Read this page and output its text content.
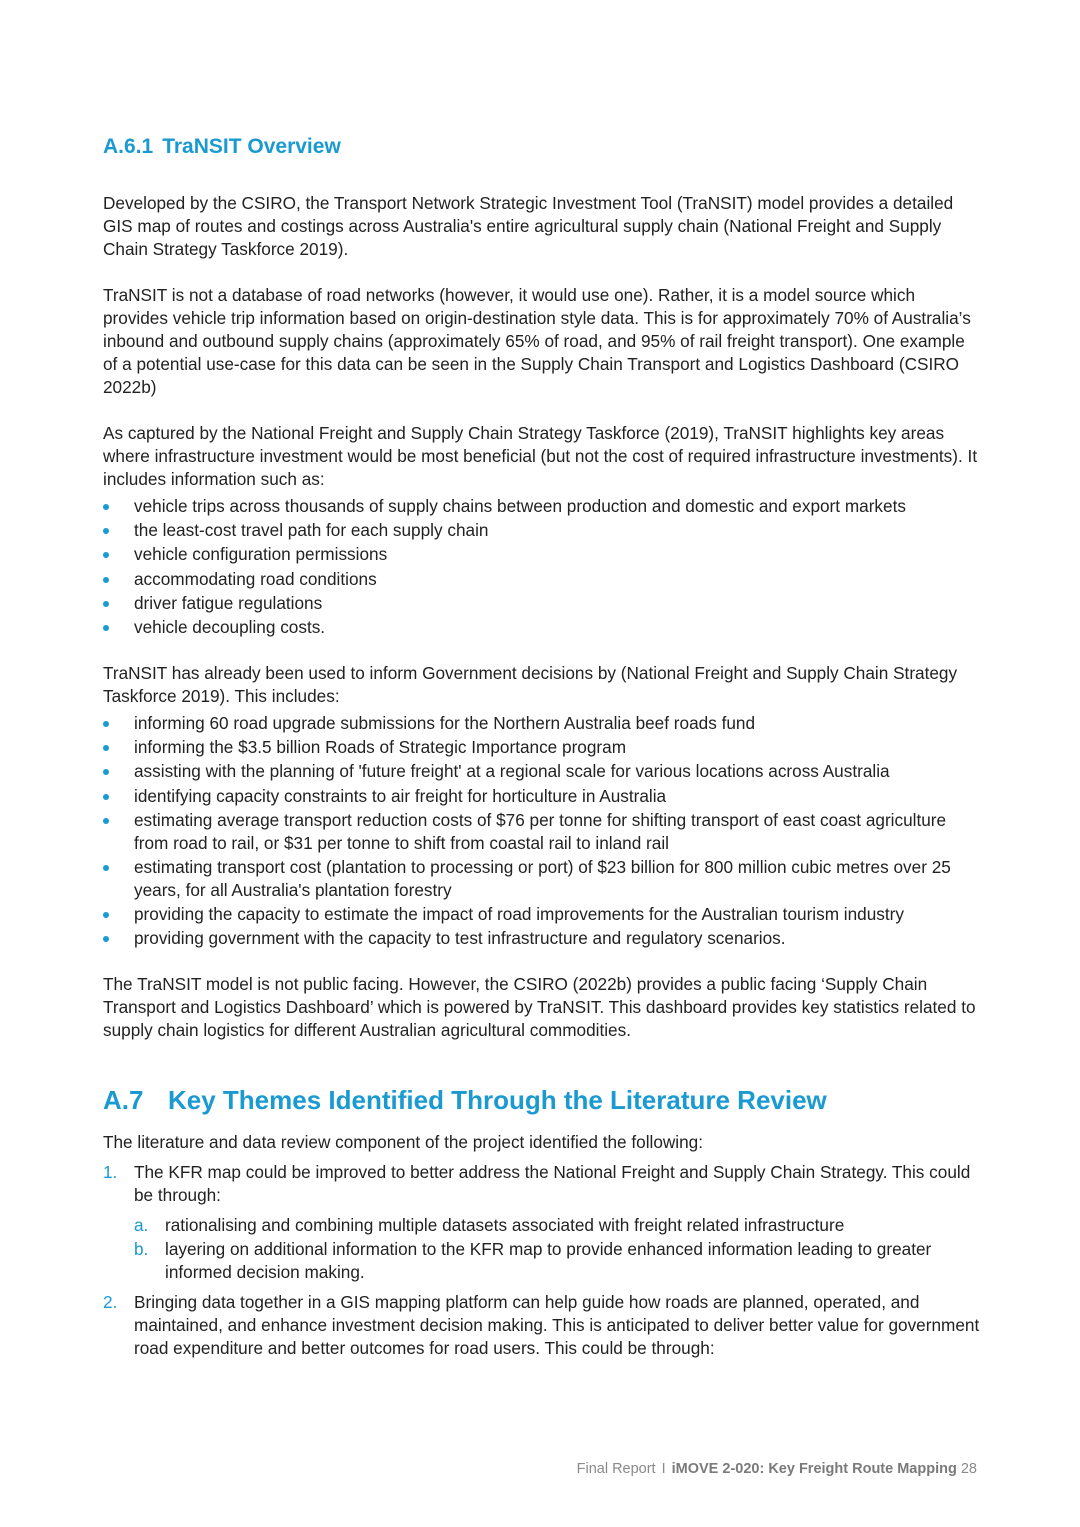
A.6.1 TraNSIT Overview

Developed by the CSIRO, the Transport Network Strategic Investment Tool (TraNSIT) model provides a detailed GIS map of routes and costings across Australia's entire agricultural supply chain (National Freight and Supply Chain Strategy Taskforce 2019).

TraNSIT is not a database of road networks (however, it would use one). Rather, it is a model source which provides vehicle trip information based on origin-destination style data. This is for approximately 70% of Australia’s inbound and outbound supply chains (approximately 65% of road, and 95% of rail freight transport). One example of a potential use-case for this data can be seen in the Supply Chain Transport and Logistics Dashboard (CSIRO 2022b)

As captured by the National Freight and Supply Chain Strategy Taskforce (2019), TraNSIT highlights key areas where infrastructure investment would be most beneficial (but not the cost of required infrastructure investments). It includes information such as:

vehicle trips across thousands of supply chains between production and domestic and export markets
the least-cost travel path for each supply chain
vehicle configuration permissions
accommodating road conditions
driver fatigue regulations
vehicle decoupling costs.

TraNSIT has already been used to inform Government decisions by (National Freight and Supply Chain Strategy Taskforce 2019). This includes:

informing 60 road upgrade submissions for the Northern Australia beef roads fund
informing the $3.5 billion Roads of Strategic Importance program
assisting with the planning of 'future freight' at a regional scale for various locations across Australia
identifying capacity constraints to air freight for horticulture in Australia
estimating average transport reduction costs of $76 per tonne for shifting transport of east coast agriculture from road to rail, or $31 per tonne to shift from coastal rail to inland rail
estimating transport cost (plantation to processing or port) of $23 billion for 800 million cubic metres over 25 years, for all Australia's plantation forestry
providing the capacity to estimate the impact of road improvements for the Australian tourism industry
providing government with the capacity to test infrastructure and regulatory scenarios.

The TraNSIT model is not public facing. However, the CSIRO (2022b) provides a public facing ‘Supply Chain Transport and Logistics Dashboard’ which is powered by TraNSIT. This dashboard provides key statistics related to supply chain logistics for different Australian agricultural commodities.

A.7 Key Themes Identified Through the Literature Review

The literature and data review component of the project identified the following:

1. The KFR map could be improved to better address the National Freight and Supply Chain Strategy. This could be through:
a. rationalising and combining multiple datasets associated with freight related infrastructure
b. layering on additional information to the KFR map to provide enhanced information leading to greater informed decision making.
2. Bringing data together in a GIS mapping platform can help guide how roads are planned, operated, and maintained, and enhance investment decision making. This is anticipated to deliver better value for government road expenditure and better outcomes for road users. This could be through:
Final Report I iMOVE 2-020: Key Freight Route Mapping 28
